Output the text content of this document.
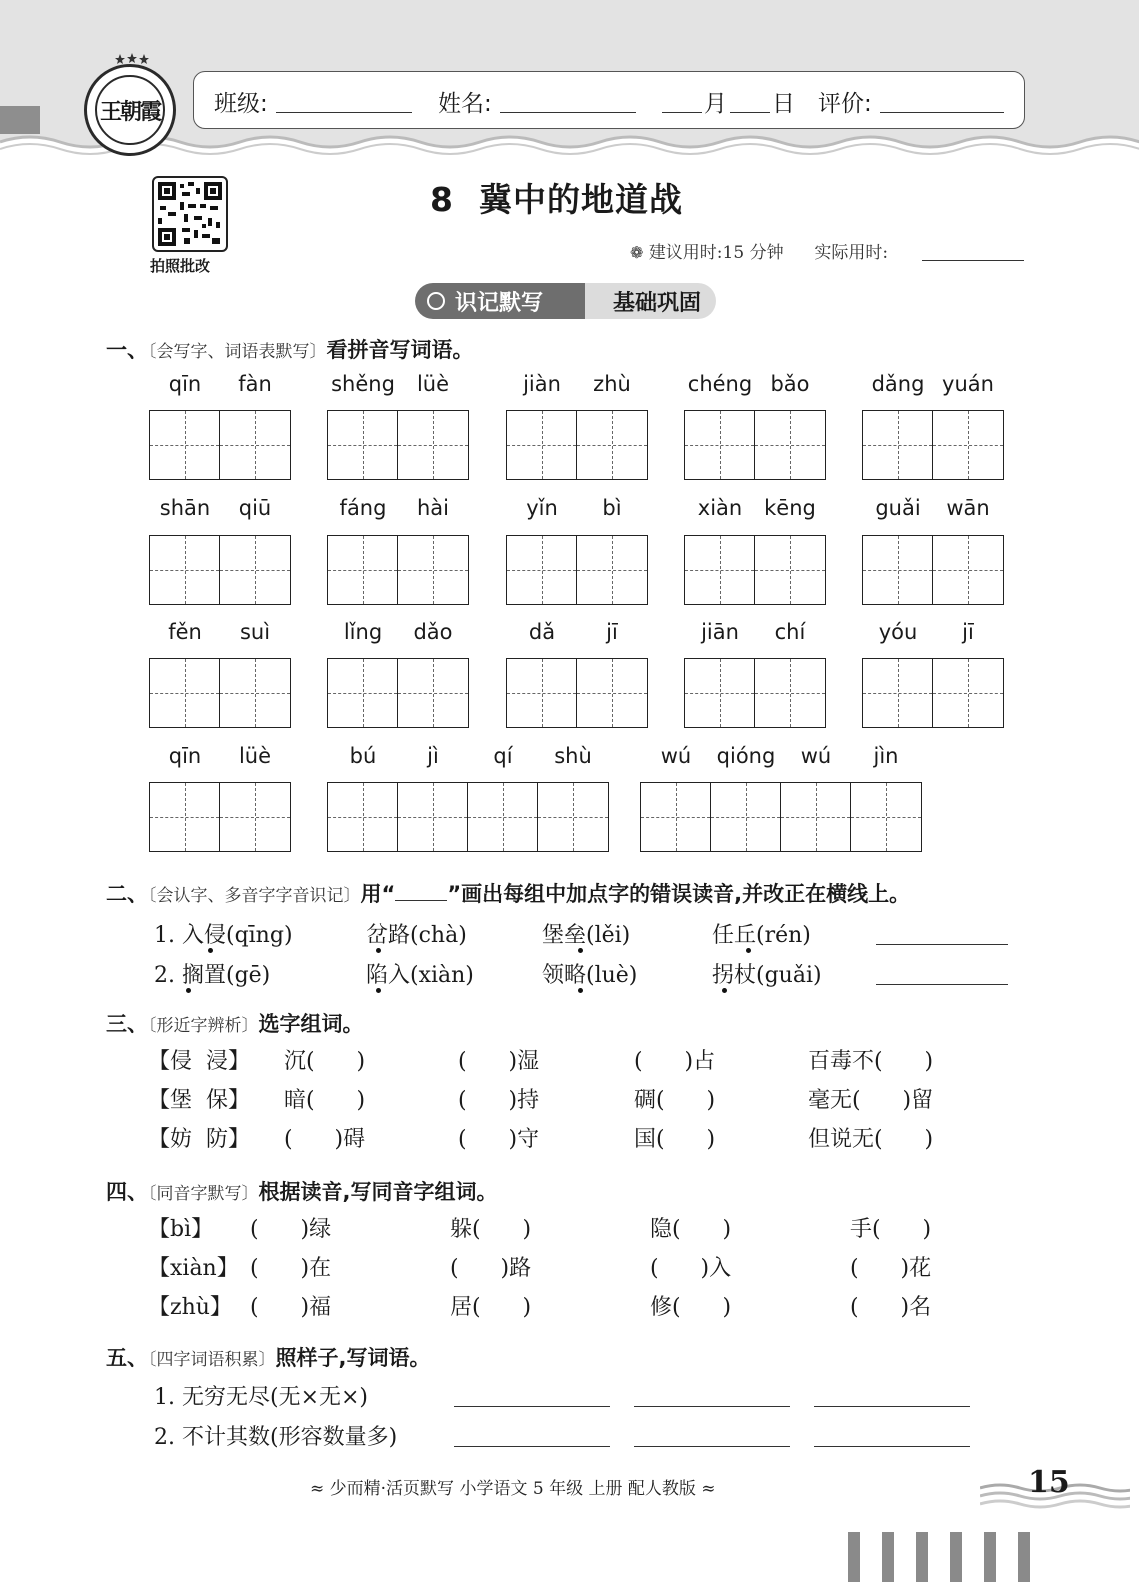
王朝霞 班级:	姓名:	月 日 评价:
拍照批改
8  冀中的地道战
❁ 建议用时:15 分钟 实际用时:
基础巩固
识记默写
一、〔会写字、词语表默写〕看拼音写词语。
qīn	fàn	shěng	lüè	jiàn	zhù	chéng bǎo	dǎng yuán
shān	qiū	fáng	hài	yǐn	bì	xiàn	kēng	guǎi	wān
fěn	suì	lǐng	dǎo	dǎ	jī	jiān	chí	yóu	jī
qīn	lüè	bú	jì	qí	shù	wú	qióng	wú	jìn
二、〔会认字、多音字字音识记〕用“ ”画出每组中加点字的错误读音,并改正在横线上。
1. 入侵(qīng)	岔路(chà)	堡垒(lěi)	任丘(rén)
2. 搁置(gē)	陷入(xiàn)	领略(luè)	拐杖(guǎi)
三、〔形近字辨析〕选字组词。
【侵  浸】 沉(      )	(      )湿	(      )占	百毒不(      )
【堡  保】 暗(      )	(      )持	碉(      )	毫无(      )留
【妨  防】 (      )碍	(      )守	国(      )	但说无(      )
四、〔同音字默写〕根据读音,写同音字组词。
【bì】 (      )绿	躲(      )	隐(      )	手(      )
【xiàn】 (      )在	(      )路	(      )入	(      )花
【zhù】 (      )福	居(      )	修(      )	(      )名
五、〔四字词语积累〕照样子,写词语。
1. 无穷无尽(无×无×)
2. 不计其数(形容数量多)
≈ 少而精·活页默写 小学语文 5 年级 上册 配人教版 ≈	15
